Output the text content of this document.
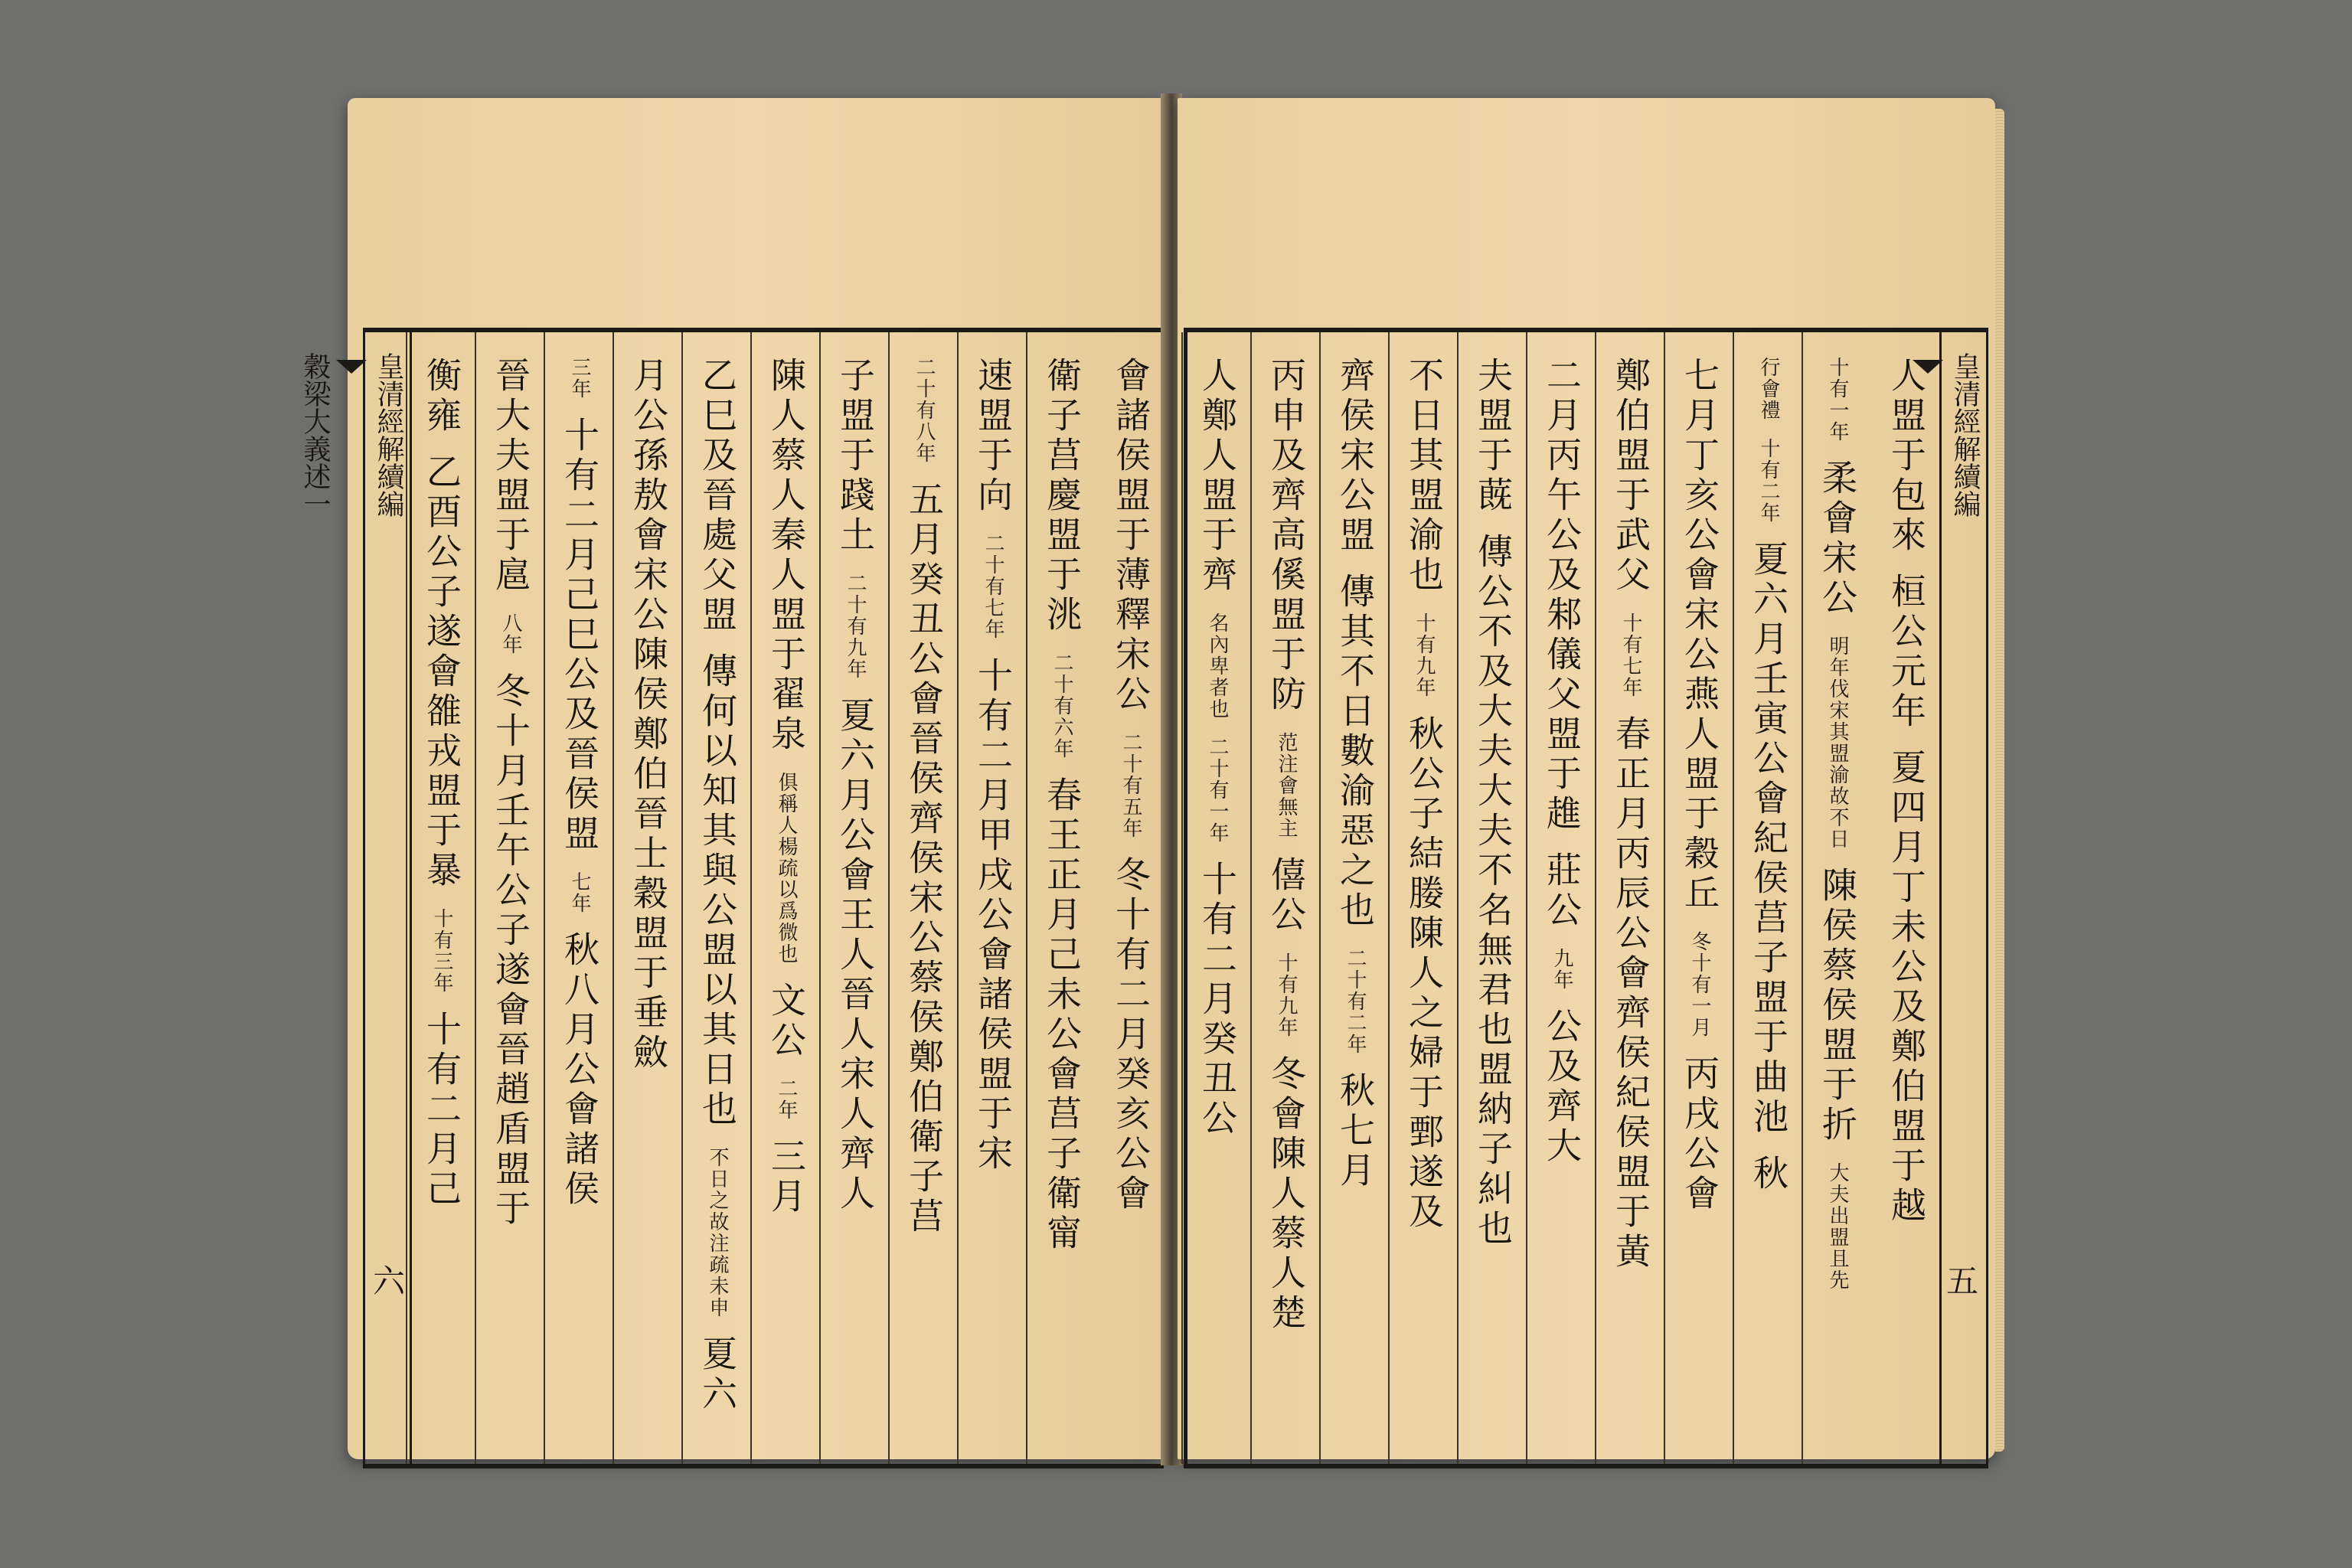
皇清經解續編
穀梁大義述一
六
會諸侯盟于薄釋宋公二十有五年冬十有二月癸亥公會
衛子莒慶盟于洮二十有六年春王正月己未公會莒子衛甯
速盟于向二十有七年十有二月甲戌公會諸侯盟于宋
二十有八年五月癸丑公會晉侯齊侯宋公蔡侯鄭伯衛子莒
子盟于踐土二十有九年夏六月公會王人晉人宋人齊人
陳人蔡人秦人盟于翟泉俱稱人楊疏以爲微也文公二年三月
乙巳及晉處父盟傳何以知其與公盟以其日也不日之故注疏未申夏六
月公孫敖會宋公陳侯鄭伯晉士穀盟于垂斂
三年十有二月己巳公及晉侯盟七年秋八月公會諸侯
晉大夫盟于扈八年冬十月壬午公子遂會晉趙盾盟于
衡雍乙酉公子遂會雒戎盟于暴十有三年十有二月己
皇清經解續編
五
人盟于包來桓公元年夏四月丁未公及鄭伯盟于越
十有一年柔會宋公明年伐宋其盟渝故不日陳侯蔡侯盟于折大夫出盟且先
行會禮十有二年夏六月壬寅公會紀侯莒子盟于曲池秋
七月丁亥公會宋公燕人盟于穀丘冬十有一月丙戌公會
鄭伯盟于武父十有七年春正月丙辰公會齊侯紀侯盟于黃
二月丙午公及邾儀父盟于趡莊公九年公及齊大
夫盟于蔇傳公不及大夫大夫不名無君也盟納子糾也
不日其盟渝也十有九年秋公子結媵陳人之婦于鄄遂及
齊侯宋公盟傳其不日數渝惡之也二十有二年秋七月
丙申及齊高傒盟于防范注會無主僖公十有九年冬會陳人蔡人楚
人鄭人盟于齊名內卑者也二十有一年十有二月癸丑公
